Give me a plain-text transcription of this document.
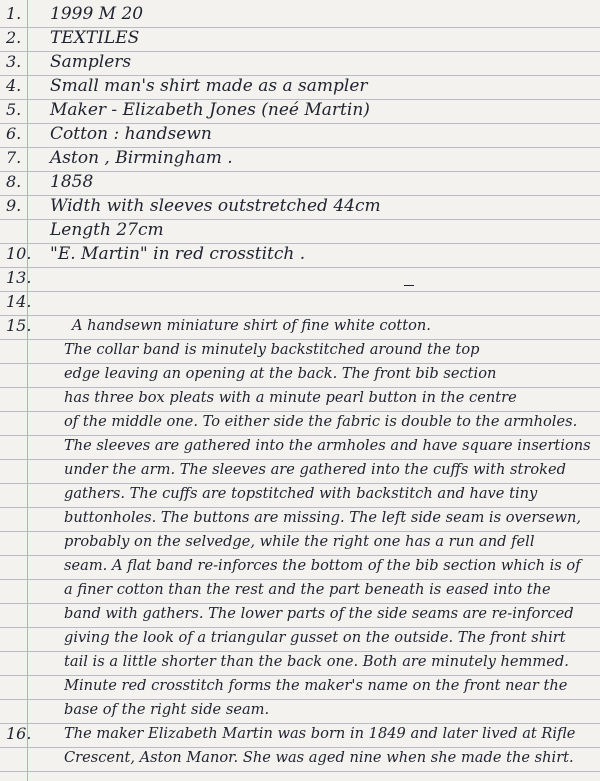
1.	1999 M 20
2.	TEXTILES
3.	Samplers
4.	Small man's shirt made as a sampler
5.	Maker - Elizabeth Jones (neé Martin)
6.	Cotton : handsewn
7.	Aston , Birmingham .
8.	1858
9.	Width with sleeves outstretched 44cm
Length 27cm
10.	"E. Martin" in red crosstitch .
13.
14.
15.	A handsewn miniature shirt of fine white cotton.
The collar band is minutely backstitched around the top
edge leaving an opening at the back. The front bib section
has three box pleats with a minute pearl button in the centre
of the middle one. To either side the fabric is double to the armholes.
The sleeves are gathered into the armholes and have square insertions
under the arm. The sleeves are gathered into the cuffs with stroked
gathers. The cuffs are topstitched with backstitch and have tiny
buttonholes. The buttons are missing. The left side seam is oversewn,
probably on the selvedge, while the right one has a run and fell
seam. A flat band re-inforces the bottom of the bib section which is of
a finer cotton than the rest and the part beneath is eased into the
band with gathers. The lower parts of the side seams are re-inforced
giving the look of a triangular gusset on the outside. The front shirt
tail is a little shorter than the back one. Both are minutely hemmed.
Minute red crosstitch forms the maker's name on the front near the
base of the right side seam.
16.	The maker Elizabeth Martin was born in 1849 and later lived at Rifle
Crescent, Aston Manor. She was aged nine when she made the shirt.
